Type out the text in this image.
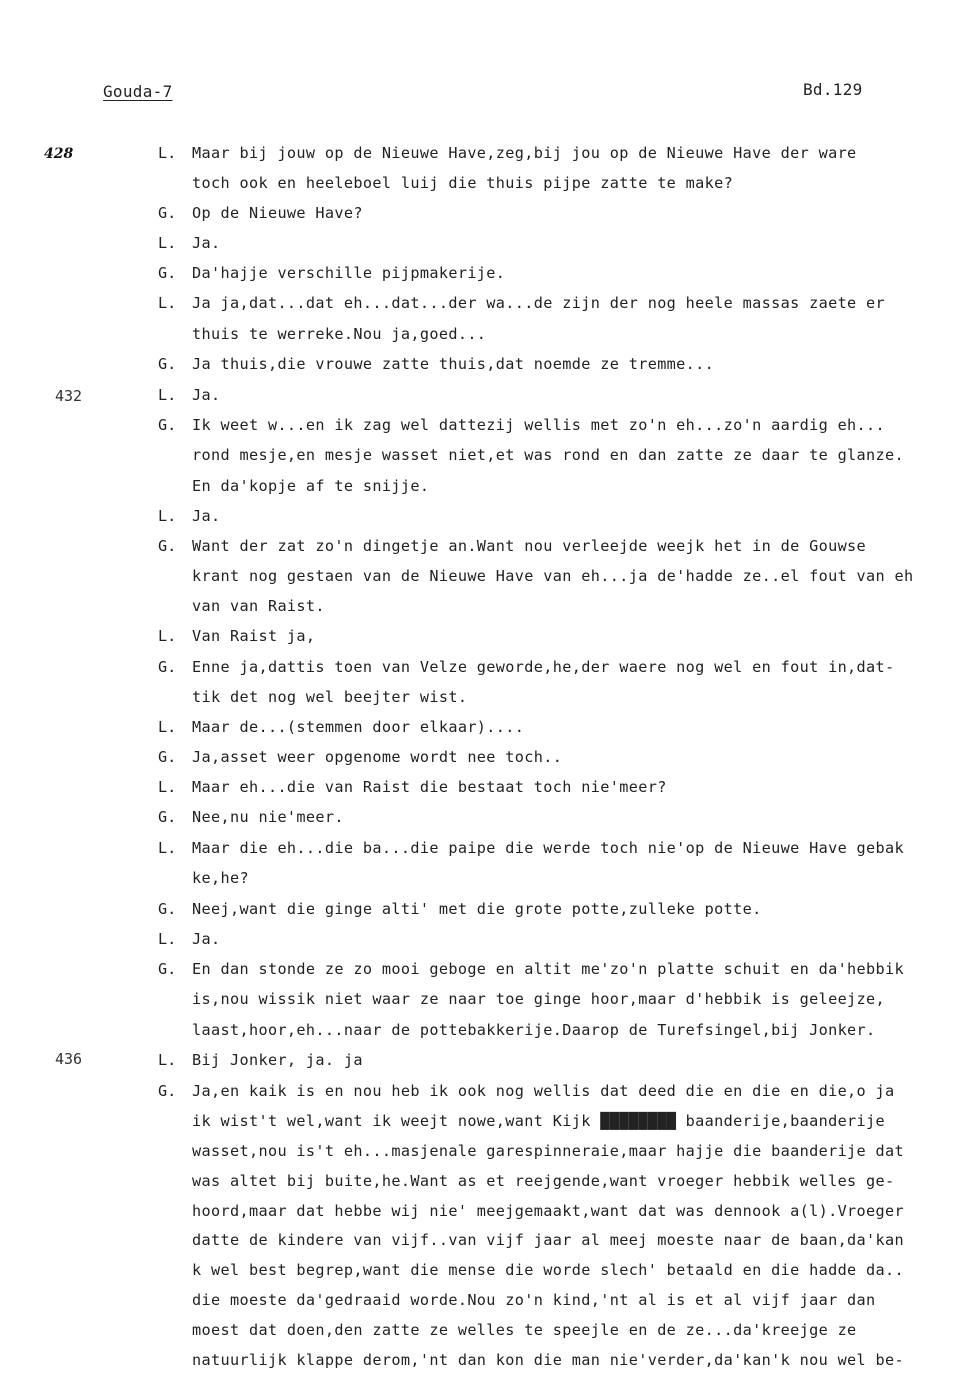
Gouda-7	Bd.129
428
432
436
L.	Maar bij jouw op de Nieuwe Have,zeg,bij jou op de Nieuwe Have der ware
toch ook en heeleboel luij die thuis pijpe zatte te make?
G.	Op de Nieuwe Have?
L.	Ja.
G.	Da'hajje verschille pijpmakerije.
L.	Ja ja,dat...dat eh...dat...der wa...de zijn der nog heele massas zaete er
thuis te werreke.Nou ja,goed...
G.	Ja thuis,die vrouwe zatte thuis,dat noemde ze tremme...
L.	Ja.
G.	Ik weet w...en ik zag wel dattezij wellis met zo'n eh...zo'n aardig eh...
rond mesje,en mesje wasset niet,et was rond en dan zatte ze daar te glanze.
En da'kopje af te snijje.
L.	Ja.
G.	Want der zat zo'n dingetje an.Want nou verleejde weejk het in de Gouwse
krant nog gestaen van de Nieuwe Have van eh...ja de'hadde ze..el fout van eh
van van Raist.
L.	Van Raist ja,
G.	Enne ja,dattis toen van Velze geworde,he,der waere nog wel en fout in,dat-
tik det nog wel beejter wist.
L.	Maar de...(stemmen door elkaar)....
G.	Ja,asset weer opgenome wordt nee toch..
L.	Maar eh...die van Raist die bestaat toch nie'meer?
G.	Nee,nu nie'meer.
L.	Maar die eh...die ba...die paipe die werde toch nie'op de Nieuwe Have gebak
ke,he?
G.	Neej,want die ginge alti' met die grote potte,zulleke potte.
L.	Ja.
G.	En dan stonde ze zo mooi geboge en altit me'zo'n platte schuit en da'hebbik
is,nou wissik niet waar ze naar toe ginge hoor,maar d'hebbik is geleejze,
laast,hoor,eh...naar de pottebakkerije.Daarop de Turefsingel,bij Jonker.
L.	Bij Jonker, ja. ja
G.	Ja,en kaik is en nou heb ik ook nog wellis dat deed die en die en die,o ja
ik wist't wel,want ik weejt nowe,want Kijk ████████ baanderije,baanderije
wasset,nou is't eh...masjenale garespinneraie,maar hajje die baanderije dat
was altet bij buite,he.Want as et reejgende,want vroeger hebbik welles ge-
hoord,maar dat hebbe wij nie' meejgemaakt,want dat was dennook a(l).Vroeger
datte de kindere van vijf..van vijf jaar al meej moeste naar de baan,da'kan
k wel best begrep,want die mense die worde slech' betaald en die hadde da..
die moeste da'gedraaid worde.Nou zo'n kind,'nt al is et al vijf jaar dan
moest dat doen,den zatte ze welles te speejle en de ze...da'kreejge ze
natuurlijk klappe derom,'nt dan kon die man nie'verder,da'kan'k nou wel be-
